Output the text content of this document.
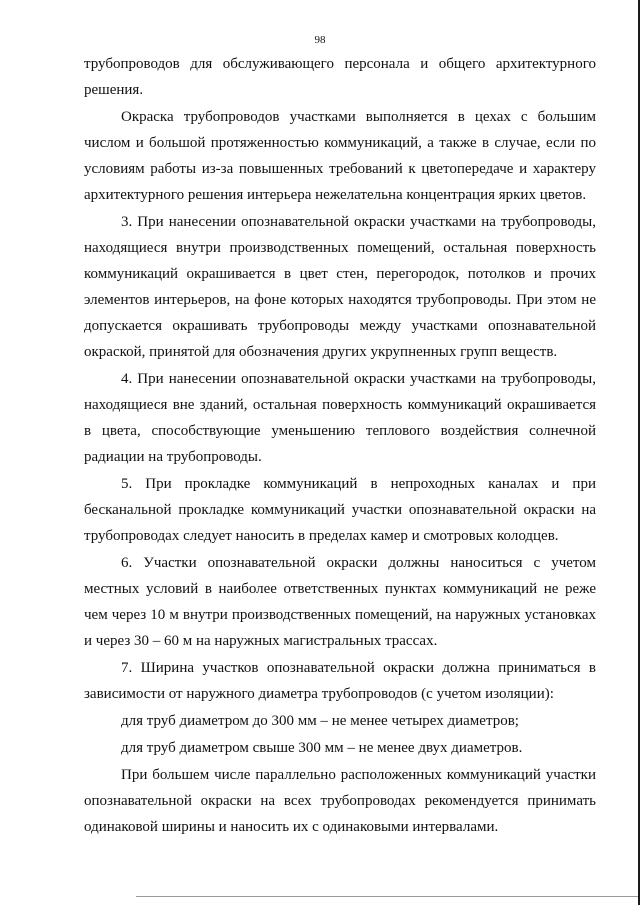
98

трубопроводов для обслуживающего персонала и общего архитектурного решения.

Окраска трубопроводов участками выполняется в цехах с большим числом и большой протяженностью коммуникаций, а также в случае, если по условиям работы из-за повышенных требований к цветопередаче и характеру архитектурного решения интерьера нежелательна концентрация ярких цветов.

3. При нанесении опознавательной окраски участками на трубопроводы, находящиеся внутри производственных помещений, остальная поверхность коммуникаций окрашивается в цвет стен, перегородок, потолков и прочих элементов интерьеров, на фоне которых находятся трубопроводы. При этом не допускается окрашивать трубопроводы между участками опознавательной окраской, принятой для обозначения других укрупненных групп веществ.

4. При нанесении опознавательной окраски участками на трубопроводы, находящиеся вне зданий, остальная поверхность коммуникаций окрашивается в цвета, способствующие уменьшению теплового воздействия солнечной радиации на трубопроводы.

5. При прокладке коммуникаций в непроходных каналах и при бесканальной прокладке коммуникаций участки опознавательной окраски на трубопроводах следует наносить в пределах камер и смотровых колодцев.

6. Участки опознавательной окраски должны наноситься с учетом местных условий в наиболее ответственных пунктах коммуникаций не реже чем через 10 м внутри производственных помещений, на наружных установках и через 30 – 60 м на наружных магистральных трассах.

7. Ширина участков опознавательной окраски должна приниматься в зависимости от наружного диаметра трубопроводов (с учетом изоляции):

для труб диаметром до 300 мм – не менее четырех диаметров;

для труб диаметром свыше 300 мм – не менее двух диаметров.

При большем числе параллельно расположенных коммуникаций участки опознавательной окраски на всех трубопроводах рекомендуется принимать одинаковой ширины и наносить их с одинаковыми интервалами.
